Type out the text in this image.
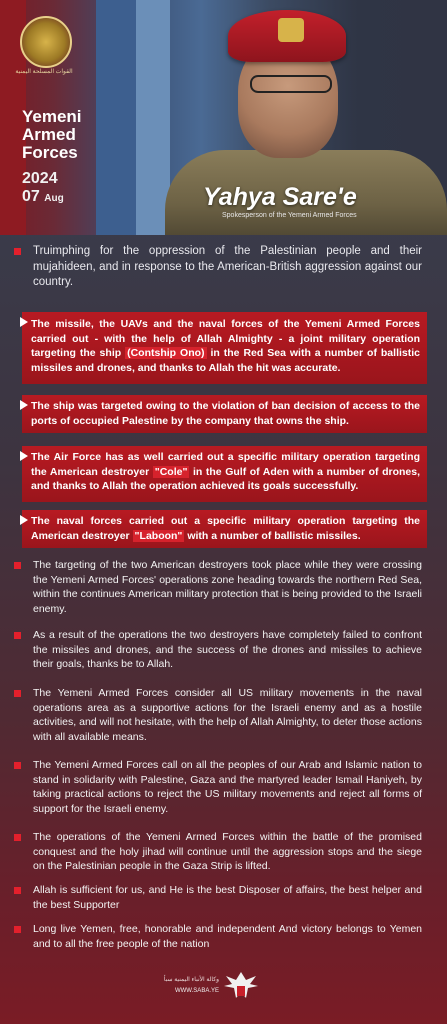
القوات المسلحة اليمنية
Yemeni
Armed
Forces
2024
07 Aug	Yahya Sare'e
Spokesperson of the Yemeni Armed Forces
Truimphing for the oppression of the Palestinian people and their mujahideen, and in response to the American-British aggression against our country.
The missile, the UAVs and the naval forces of the Yemeni Armed Forces carried out - with the help of Allah Almighty - a joint military operation targeting the ship (Contship Ono) in the Red Sea with a number of ballistic missiles and drones, and thanks to Allah the hit was accurate.
The ship was targeted owing to the violation of ban decision of access to the ports of occupied Palestine by the company that owns the ship.
The Air Force has as well carried out a specific military operation targeting the American destroyer "Cole" in the Gulf of Aden with a number of drones, and thanks to Allah the operation achieved its goals successfully.
The naval forces carried out a specific military operation targeting the American destroyer "Laboon" with a number of ballistic missiles.
The targeting of the two American destroyers took place while they were crossing the Yemeni Armed Forces' operations zone heading towards the northern Red Sea, within the continues American military protection that is being provided to the Israeli enemy.
As a result of the operations the two destroyers have completely failed to confront the missiles and drones, and the success of the drones and missiles to achieve their goals, thanks be to Allah.
The Yemeni Armed Forces consider all US military movements in the naval operations area as a supportive actions for the Israeli enemy and as a hostile activities, and will not hesitate, with the help of Allah Almighty, to deter those actions with all available means.
The Yemeni Armed Forces call on all the peoples of our Arab and Islamic nation to stand in solidarity with Palestine, Gaza and the martyred leader Ismail Haniyeh, by taking practical actions to reject the US military movements and reject all forms of support for the Israeli enemy.
The operations of the Yemeni Armed Forces within the battle of the promised conquest and the holy jihad will continue until the aggression stops and the siege on the Palestinian people in the Gaza Strip is lifted.
Allah is sufficient for us, and He is the best Disposer of affairs, the best helper and the best Supporter
Long live Yemen, free, honorable and independent And victory belongs to Yemen and to all the free people of the nation
وكالة الأنباء اليمنية سبأ
WWW.SABA.YE
